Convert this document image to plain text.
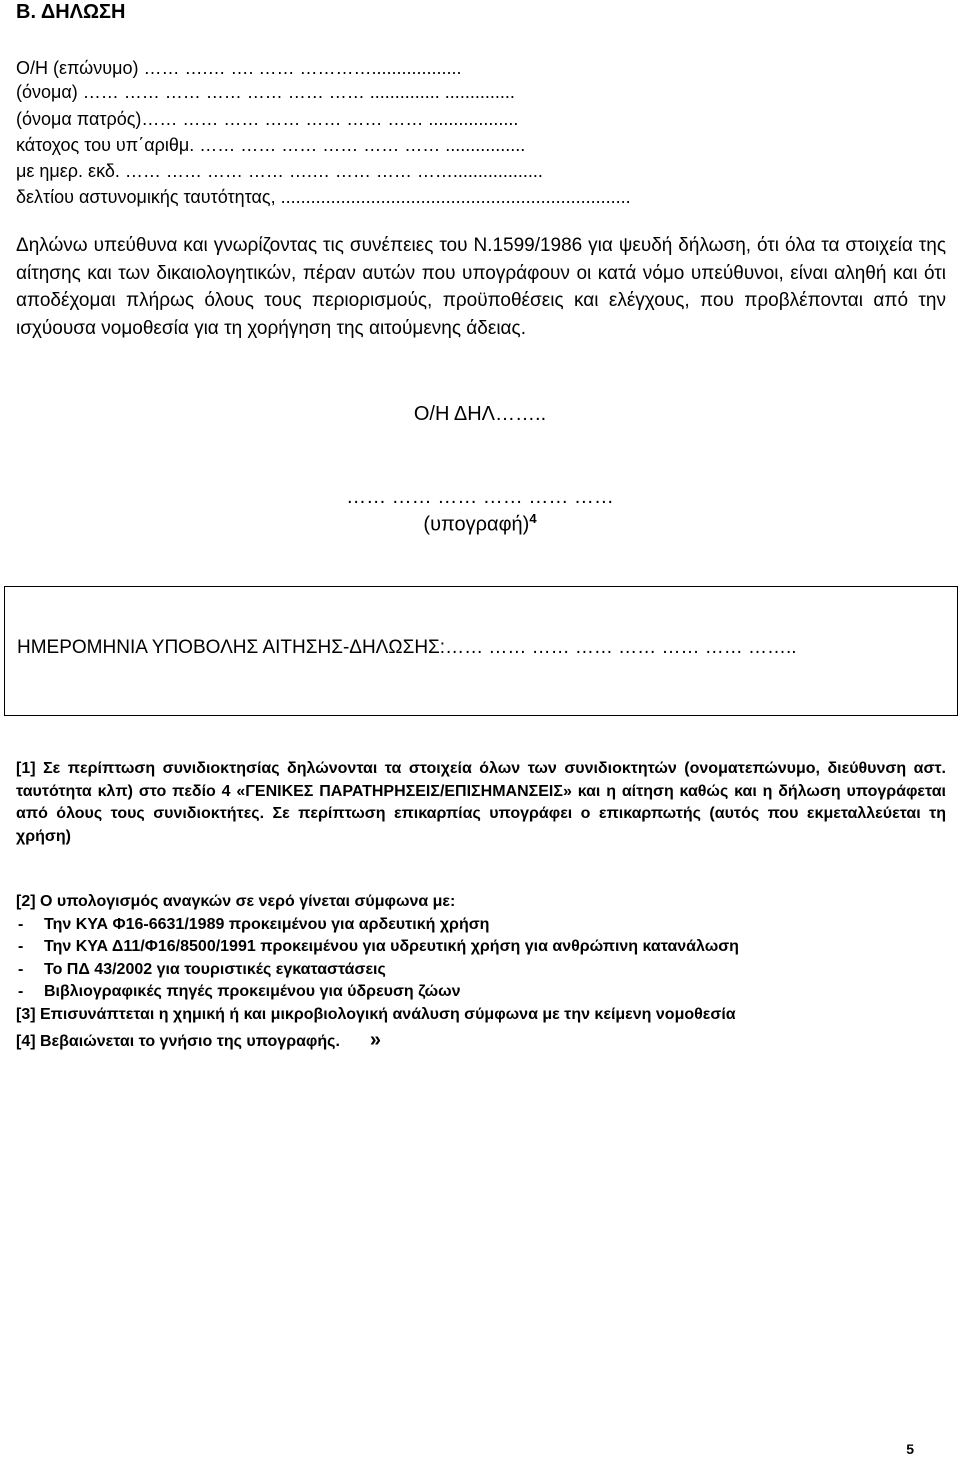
Β. ΔΗΛΩΣΗ
Ο/Η (επώνυμο) …… ….… …. …… …………..................
(όνομα) …… …… …… …… …… …… …… .............. ..............
(όνομα πατρός)…… …… …… …… …… …… …… ..................
κάτοχος του υπ΄αριθμ. …… …… …… …… …… …… ................
με ημερ. εκδ. …… …… …… …… ….… …… …… ……..................
δελτίου αστυνομικής ταυτότητας, ......................................................................
Δηλώνω υπεύθυνα και γνωρίζοντας τις συνέπειες του Ν.1599/1986 για ψευδή δήλωση, ότι όλα τα στοιχεία της αίτησης και των δικαιολογητικών, πέραν αυτών που υπογράφουν οι κατά νόμο υπεύθυνοι, είναι αληθή και ότι αποδέχομαι πλήρως όλους τους περιορισμούς, προϋποθέσεις και ελέγχους, που προβλέπονται από την ισχύουσα νομοθεσία για τη χορήγηση της αιτούμενης άδειας.
Ο/Η ΔΗΛ……..
…… …… …… …… …… ……
$(\upsilon\pi o\gamma\rho\alpha\varphi ή)^4$
ΗΜΕΡΟΜΗΝΙΑ ΥΠΟΒΟΛΗΣ ΑΙΤΗΣΗΣ-ΔΗΛΩΣΗΣ:…… …… …… …… …… …… …… ……..

[1] Σε περίπτωση συνιδιοκτησίας δηλώνονται τα στοιχεία όλων των συνιδιοκτητών (ονοματεπώνυμο, διεύθυνση αστ. ταυτότητα κλπ) στο πεδίο 4 «ΓΕΝΙΚΕΣ ΠΑΡΑΤΗΡΗΣΕΙΣ/ΕΠΙΣΗΜΑΝΣΕΙΣ» και η αίτηση καθώς και η δήλωση υπογράφεται από όλους τους συνιδιοκτήτες. Σε περίπτωση επικαρπίας υπογράφει ο επικαρπωτής (αυτός που εκμεταλλεύεται τη χρήση)

[2] Ο υπολογισμός αναγκών σε νερό γίνεται σύμφωνα με:
- Την ΚΥΑ Φ16-6631/1989 προκειμένου για αρδευτική χρήση
- Την ΚΥΑ Δ11/Φ16/8500/1991 προκειμένου για υδρευτική χρήση για ανθρώπινη κατανάλωση
- Το ΠΔ 43/2002 για τουριστικές εγκαταστάσεις
- Βιβλιογραφικές πηγές προκειμένου για ύδρευση ζώων
[3] Επισυνάπτεται η χημική ή και μικροβιολογική ανάλυση σύμφωνα με την κείμενη νομοθεσία
[4] Βεβαιώνεται το γνήσιο της υπογραφής. »
5
